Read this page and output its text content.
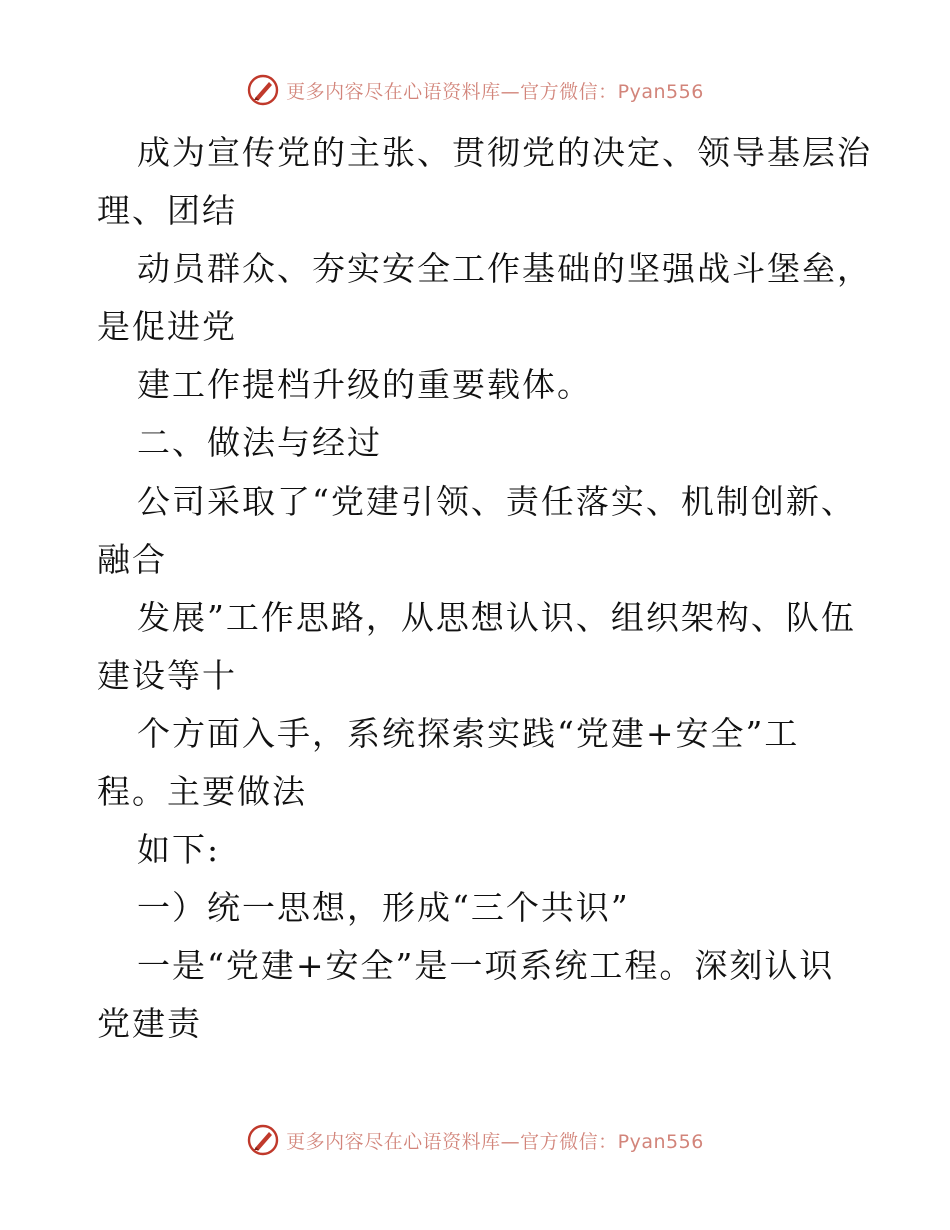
更多内容尽在心语资料库—官方微信：Pyan556
成为宣传党的主张、贯彻党的决定、领导基层治
理、团结
动员群众、夯实安全工作基础的坚强战斗堡垒，
是促进党
建工作提档升级的重要载体。
二、做法与经过
公司采取了“党建引领、责任落实、机制创新、
融合
发展”工作思路，从思想认识、组织架构、队伍
建设等十
个方面入手，系统探索实践“党建+安全”工
程。主要做法
如下:
一）统一思想，形成“三个共识”
一是“党建+安全”是一项系统工程。深刻认识
党建责
更多内容尽在心语资料库—官方微信：Pyan556
